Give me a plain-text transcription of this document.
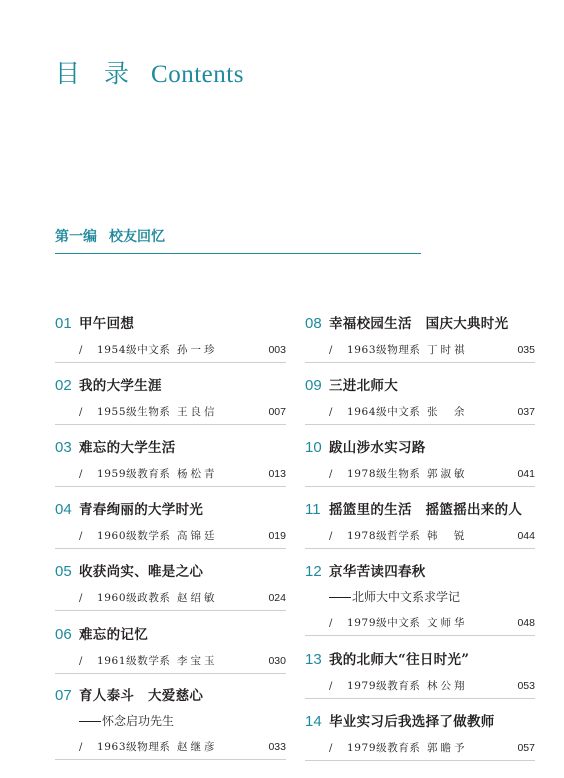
目 录 Contents
第一编 校友回忆
01 甲午回想
/	1954级中文系 孙一珍	003
02 我的大学生涯
/	1955级生物系 王良信	007
03 难忘的大学生活
/	1959级教育系 杨松青	013
04 青春绚丽的大学时光
/	1960级数学系 高锦廷	019
05 收获尚实、唯是之心
/	1960级政教系 赵绍敏	024
06 难忘的记忆
/	1961级数学系 李宝玉	030
07 育人泰斗　大爱慈心
怀念启功先生
/	1963级物理系 赵继彦	033
08 幸福校园生活　国庆大典时光
/	1963级物理系 丁时祺	035
09 三进北师大
/	1964级中文系 张　余	037
10 跋山涉水实习路
/	1978级生物系 郭淑敏	041
11 摇篮里的生活　摇篮摇出来的人
/	1978级哲学系 韩　锐	044
12 京华苦读四春秋
北师大中文系求学记
/	1979级中文系 文师华	048
13 我的北师大“往日时光”
/	1979级教育系 林公翔	053
14 毕业实习后我选择了做教师
/	1979级教育系 郭瞻予	057
